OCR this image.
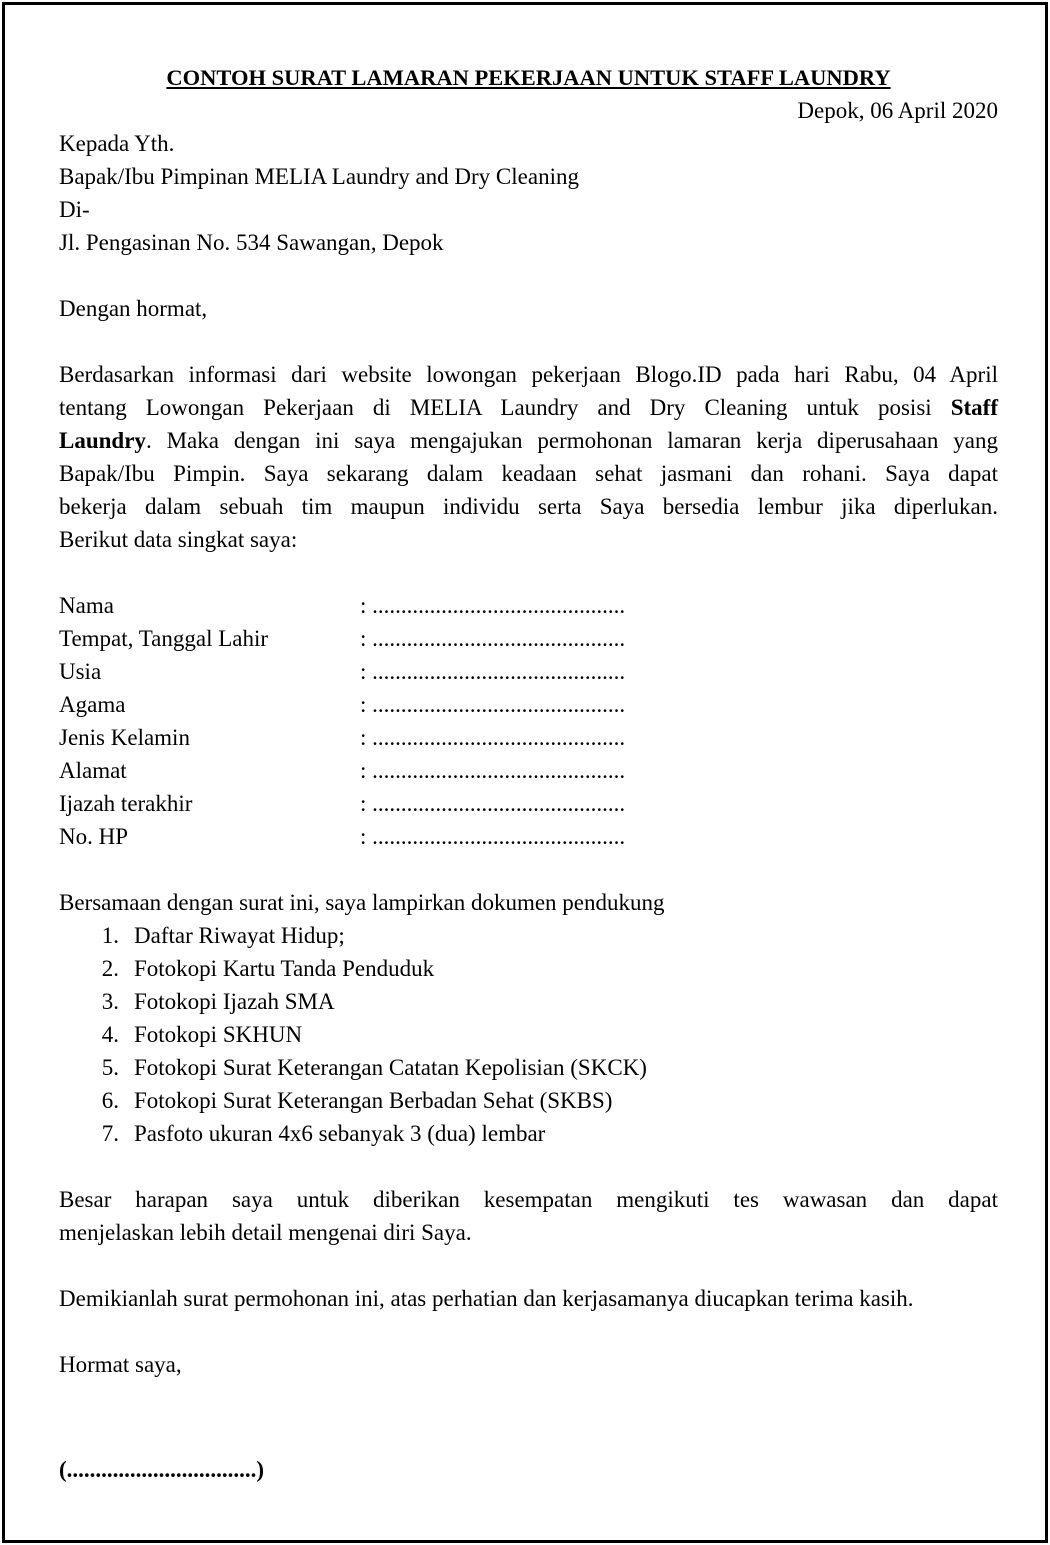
CONTOH SURAT LAMARAN PEKERJAAN UNTUK STAFF LAUNDRY
Depok, 06 April 2020
Kepada Yth.
Bapak/Ibu Pimpinan MELIA Laundry and Dry Cleaning
Di-
Jl. Pengasinan No. 534 Sawangan, Depok
Dengan hormat,
Berdasarkan informasi dari website lowongan pekerjaan Blogo.ID pada hari Rabu, 04 April
tentang Lowongan Pekerjaan di MELIA Laundry and Dry Cleaning untuk posisi Staff
Laundry. Maka dengan ini saya mengajukan permohonan lamaran kerja diperusahaan yang
Bapak/Ibu Pimpin. Saya sekarang dalam keadaan sehat jasmani dan rohani. Saya dapat
bekerja dalam sebuah tim maupun individu serta Saya bersedia lembur jika diperlukan.
Berikut data singkat saya:
Nama	: ............................................
Tempat, Tanggal Lahir	: ............................................
Usia	: ............................................
Agama	: ............................................
Jenis Kelamin	: ............................................
Alamat	: ............................................
Ijazah terakhir	: ............................................
No. HP	: ............................................
Bersamaan dengan surat ini, saya lampirkan dokumen pendukung
1. Daftar Riwayat Hidup;
2. Fotokopi Kartu Tanda Penduduk
3. Fotokopi Ijazah SMA
4. Fotokopi SKHUN
5. Fotokopi Surat Keterangan Catatan Kepolisian (SKCK)
6. Fotokopi Surat Keterangan Berbadan Sehat (SKBS)
7. Pasfoto ukuran 4x6 sebanyak 3 (dua) lembar
Besar harapan saya untuk diberikan kesempatan mengikuti tes wawasan dan dapat
menjelaskan lebih detail mengenai diri Saya.
Demikianlah surat permohonan ini, atas perhatian dan kerjasamanya diucapkan terima kasih.
Hormat saya,
(.................................)
